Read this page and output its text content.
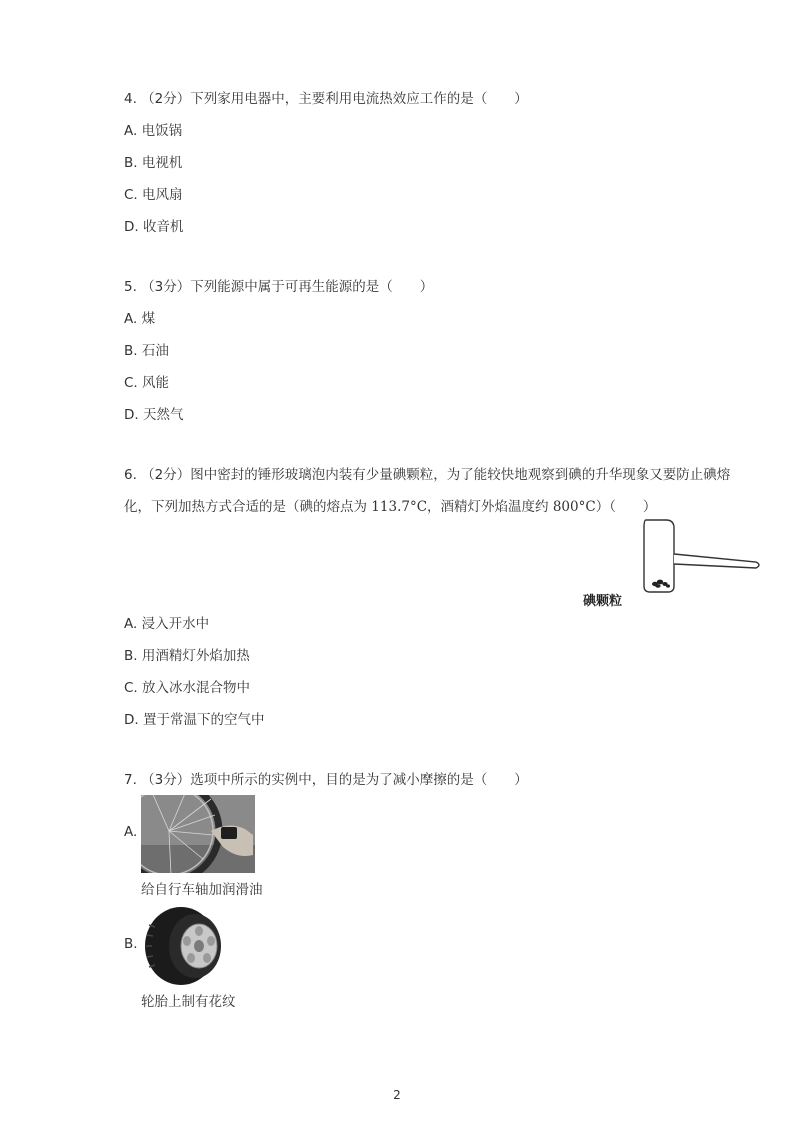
4. （2分）下列家用电器中，主要利用电流热效应工作的是（　　）
A. 电饭锅
B. 电视机
C. 电风扇
D. 收音机
5. （3分）下列能源中属于可再生能源的是（　　）
A. 煤
B. 石油
C. 风能
D. 天然气
6. （2分）图中密封的锤形玻璃泡内装有少量碘颗粒，为了能较快地观察到碘的升华现象又要防止碘熔
化，下列加热方式合适的是（碘的熔点为 113.7°C，酒精灯外焰温度约 800°C）（　　）
碘颗粒
A. 浸入开水中
B. 用酒精灯外焰加热
C. 放入冰水混合物中
D. 置于常温下的空气中
7. （3分）选项中所示的实例中，目的是为了减小摩擦的是（　　）
A.
给自行车轴加润滑油
B.
轮胎上制有花纹
2
